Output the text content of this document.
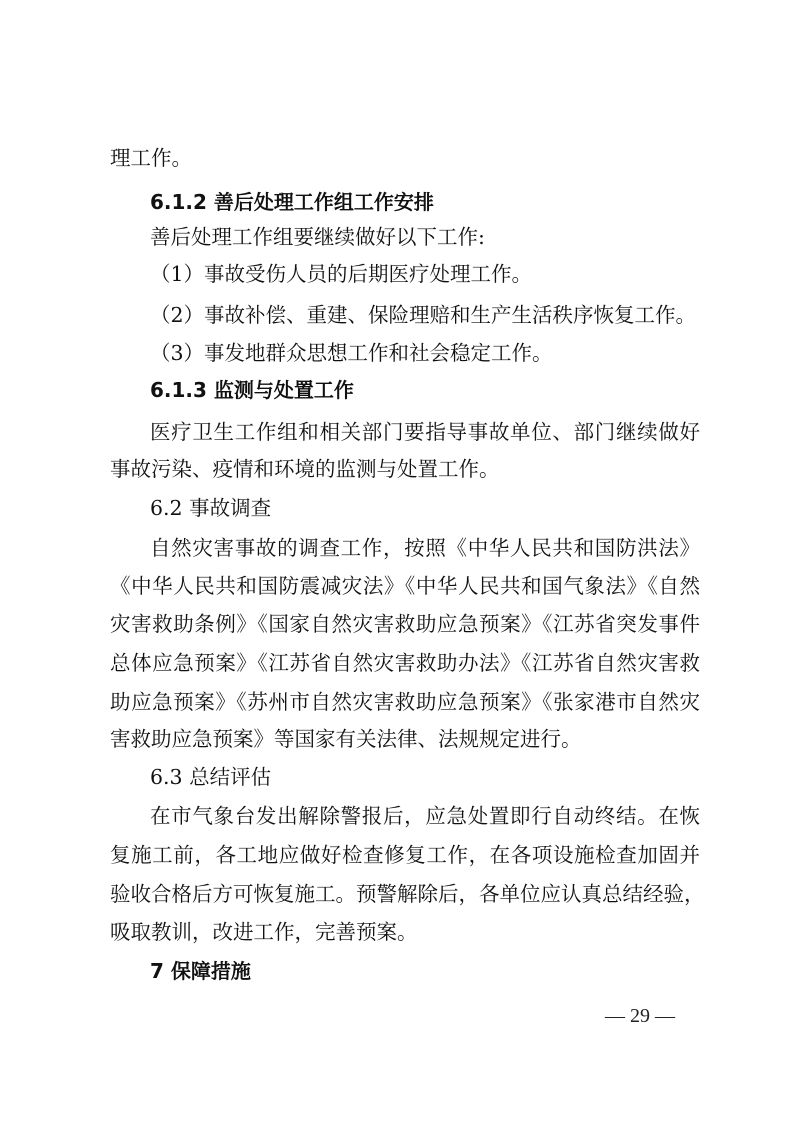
理工作。
6.1.2 善后处理工作组工作安排
善后处理工作组要继续做好以下工作:
（1）事故受伤人员的后期医疗处理工作。
（2）事故补偿、重建、保险理赔和生产生活秩序恢复工作。
（3）事发地群众思想工作和社会稳定工作。
6.1.3 监测与处置工作
医疗卫生工作组和相关部门要指导事故单位、部门继续做好
事故污染、疫情和环境的监测与处置工作。
6.2 事故调查
自然灾害事故的调查工作，按照《中华人民共和国防洪法》
《中华人民共和国防震减灾法》《中华人民共和国气象法》《自然
灾害救助条例》《国家自然灾害救助应急预案》《江苏省突发事件
总体应急预案》《江苏省自然灾害救助办法》《江苏省自然灾害救
助应急预案》《苏州市自然灾害救助应急预案》《张家港市自然灾
害救助应急预案》等国家有关法律、法规规定进行。
6.3 总结评估
在市气象台发出解除警报后，应急处置即行自动终结。在恢
复施工前，各工地应做好检查修复工作，在各项设施检查加固并
验收合格后方可恢复施工。预警解除后，各单位应认真总结经验，
吸取教训，改进工作，完善预案。
7 保障措施
— 29 —
